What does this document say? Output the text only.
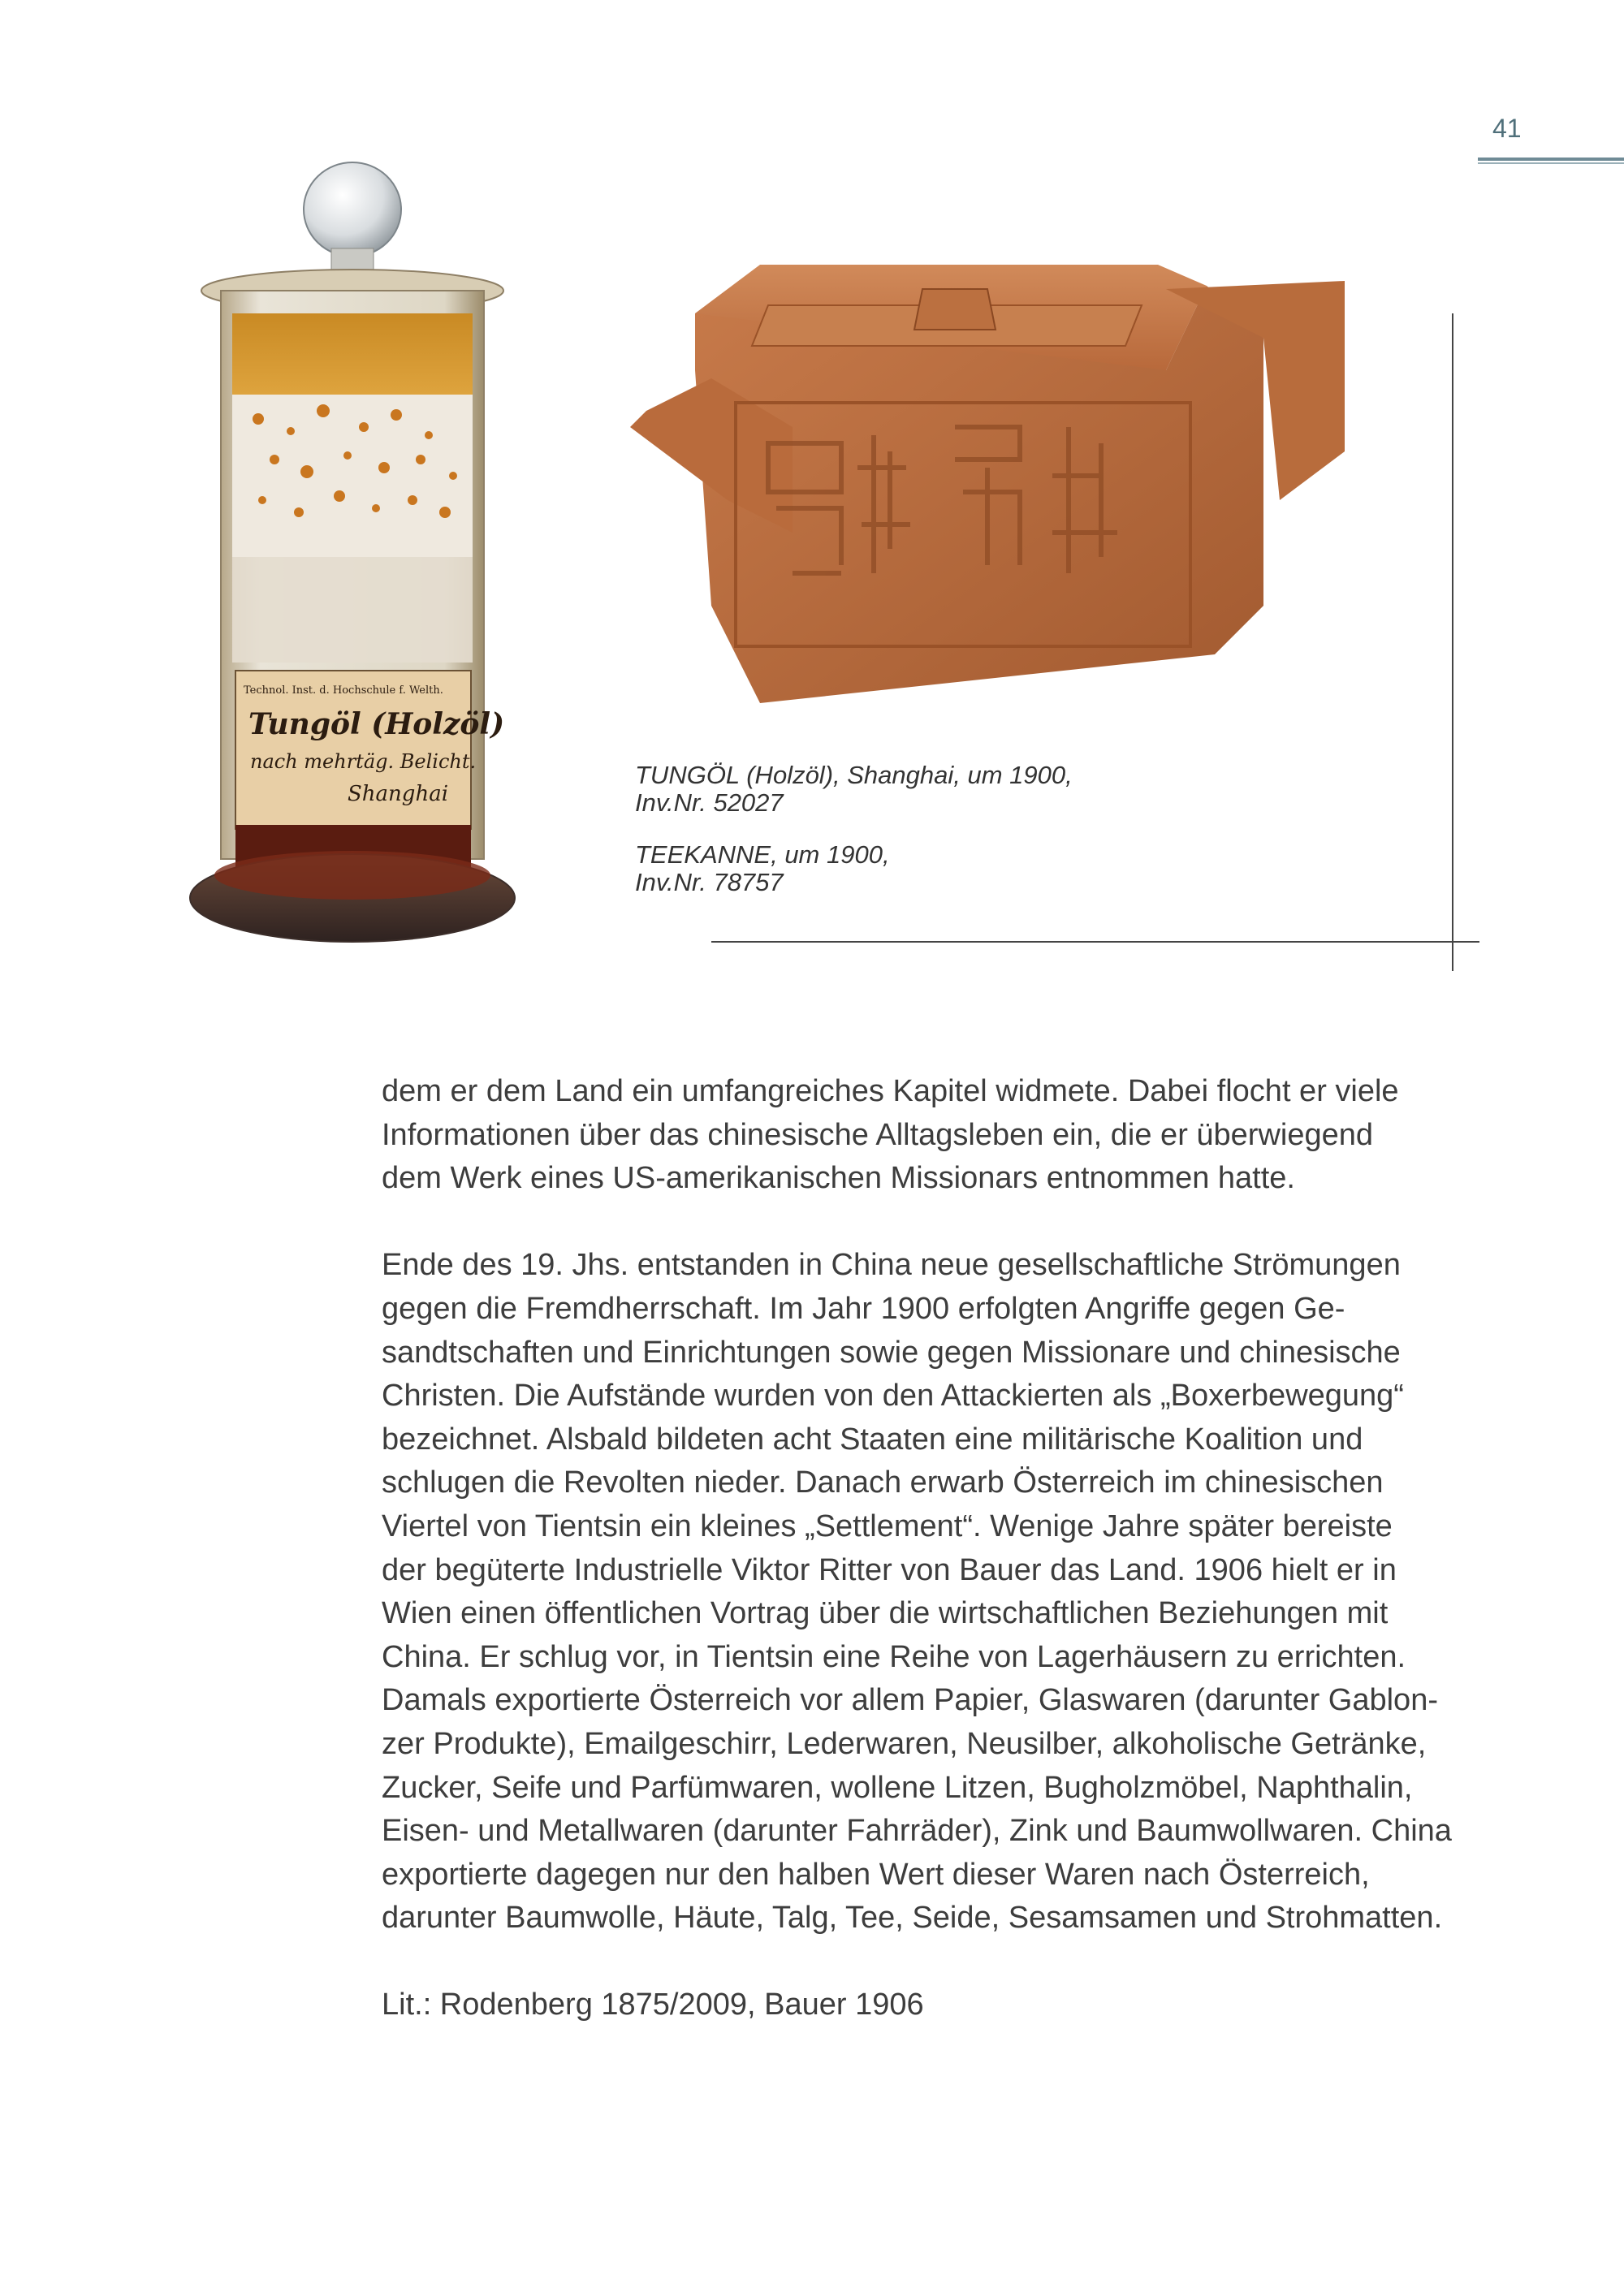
41
Technol. Inst. d. Hochschule f. Welth.
Tungöl (Holzöl)
nach mehrtäg. Belicht.
Shanghai
TUNGÖL (Holzöl), Shanghai, um 1900,
Inv.Nr. 52027
TEEKANNE, um 1900,
Inv.Nr. 78757

dem er dem Land ein umfangreiches Kapitel widmete. Dabei flocht er viele
Informationen über das chinesische Alltagsleben ein, die er überwiegend
dem Werk eines US-amerikanischen Missionars entnommen hatte.

Ende des 19. Jhs. entstanden in China neue gesellschaftliche Strömungen
gegen die Fremdherrschaft. Im Jahr 1900 erfolgten Angriffe gegen Ge-
sandtschaften und Einrichtungen sowie gegen Missionare und chinesische
Christen. Die Aufstände wurden von den Attackierten als „Boxerbewegung“
bezeichnet. Alsbald bildeten acht Staaten eine militärische Koalition und
schlugen die Revolten nieder. Danach erwarb Österreich im chinesischen
Viertel von Tientsin ein kleines „Settlement“. Wenige Jahre später bereiste
der begüterte Industrielle Viktor Ritter von Bauer das Land. 1906 hielt er in
Wien einen öffentlichen Vortrag über die wirtschaftlichen Beziehungen mit
China. Er schlug vor, in Tientsin eine Reihe von Lagerhäusern zu errichten.
Damals exportierte Österreich vor allem Papier, Glaswaren (darunter Gablon-
zer Produkte), Emailgeschirr, Lederwaren, Neusilber, alkoholische Getränke,
Zucker, Seife und Parfümwaren, wollene Litzen, Bugholzmöbel, Naphthalin,
Eisen- und Metallwaren (darunter Fahrräder), Zink und Baumwollwaren. China
exportierte dagegen nur den halben Wert dieser Waren nach Österreich,
darunter Baumwolle, Häute, Talg, Tee, Seide, Sesamsamen und Strohmatten.

Lit.: Rodenberg 1875/2009, Bauer 1906
